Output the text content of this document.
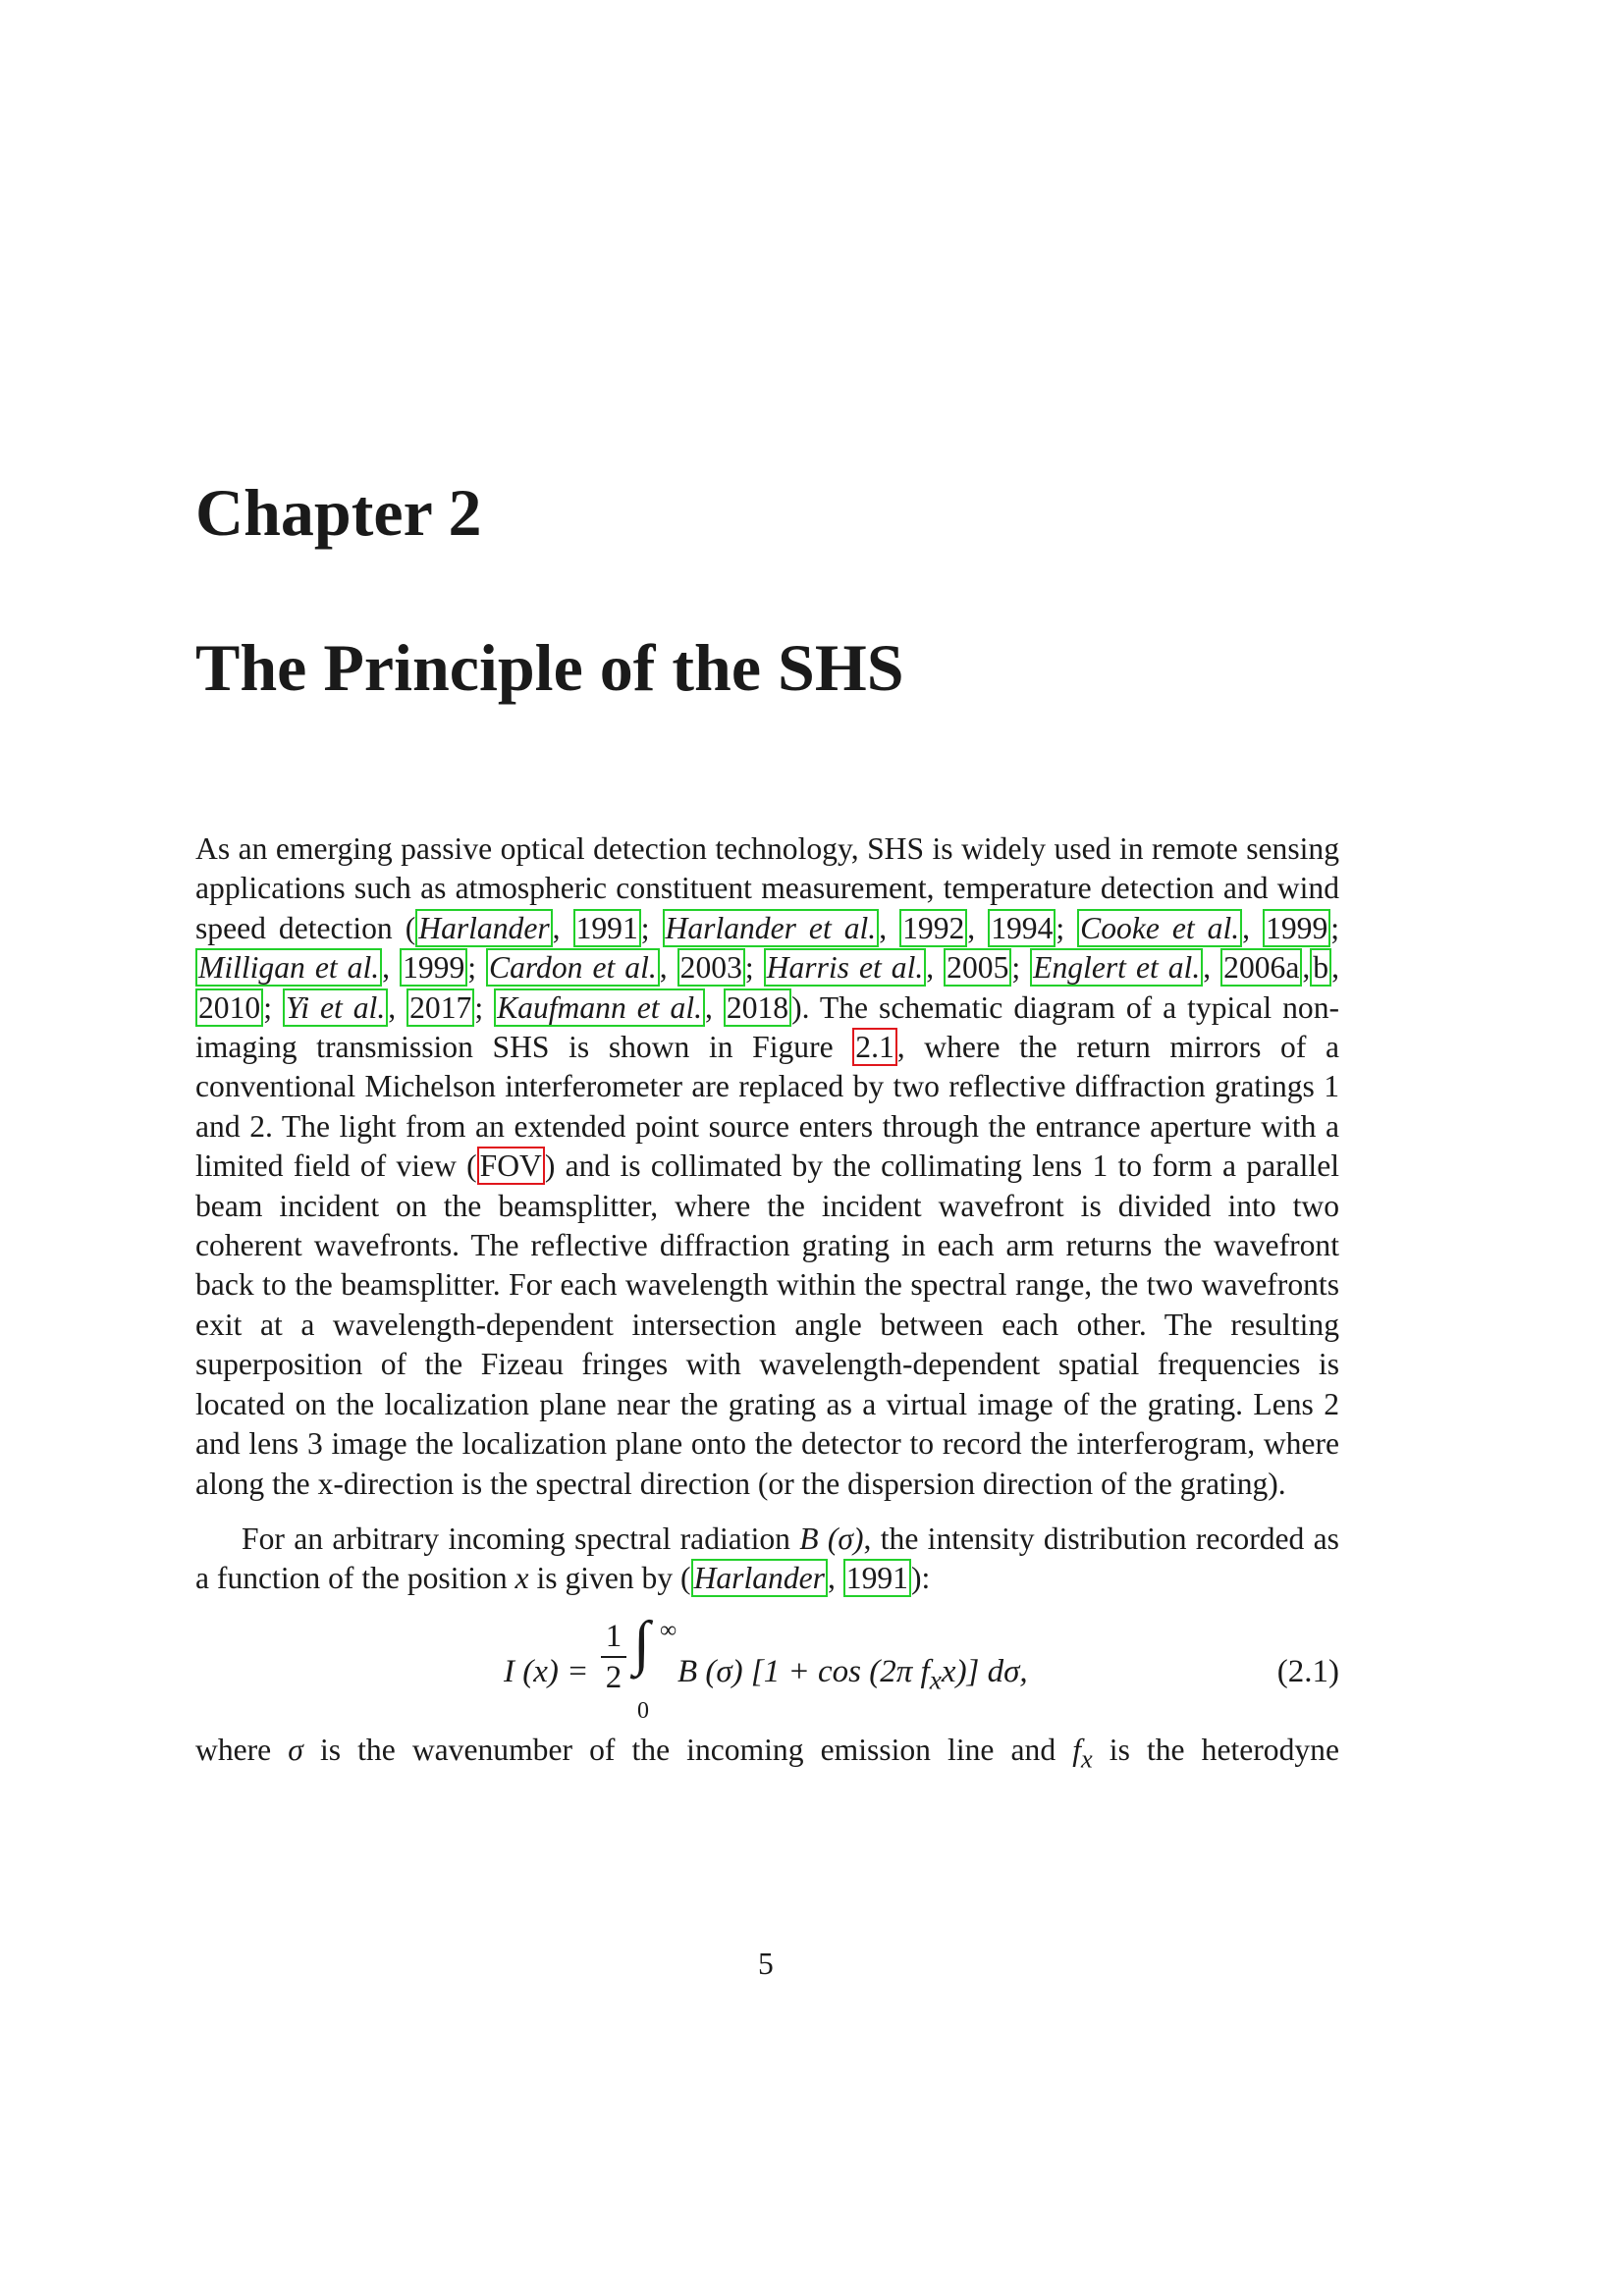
Chapter 2
The Principle of the SHS

As an emerging passive optical detection technology, SHS is widely used in remote sensing applications such as atmospheric constituent measurement, temperature detection and wind speed detection (Harlander, 1991; Harlander et al., 1992, 1994; Cooke et al., 1999; Milligan et al., 1999; Cardon et al., 2003; Harris et al., 2005; Englert et al., 2006a,b, 2010; Yi et al., 2017; Kaufmann et al., 2018). The schematic diagram of a typical non-imaging transmission SHS is shown in Figure 2.1, where the return mirrors of a conventional Michelson interferometer are replaced by two reflective diffraction gratings 1 and 2. The light from an extended point source enters through the entrance aperture with a limited field of view (FOV) and is collimated by the collimating lens 1 to form a parallel beam incident on the beamsplitter, where the incident wavefront is divided into two coherent wavefronts. The reflective diffraction grating in each arm returns the wavefront back to the beamsplitter. For each wavelength within the spectral range, the two wavefronts exit at a wavelength-dependent intersection angle between each other. The resulting superposition of the Fizeau fringes with wavelength-dependent spatial frequencies is located on the localization plane near the grating as a virtual image of the grating. Lens 2 and lens 3 image the localization plane onto the detector to record the interferogram, where along the x-direction is the spectral direction (or the dispersion direction of the grating).

For an arbitrary incoming spectral radiation B (σ), the intensity distribution recorded as a function of the position x is given by (Harlander, 1991):

I (x) =
1
2
∫ ∞
0
B (σ) [1 + cos (2π $f_xx$)] dσ,	(2.1)

where σ is the wavenumber of the incoming emission line and $f_x$ is the heterodyne

5
